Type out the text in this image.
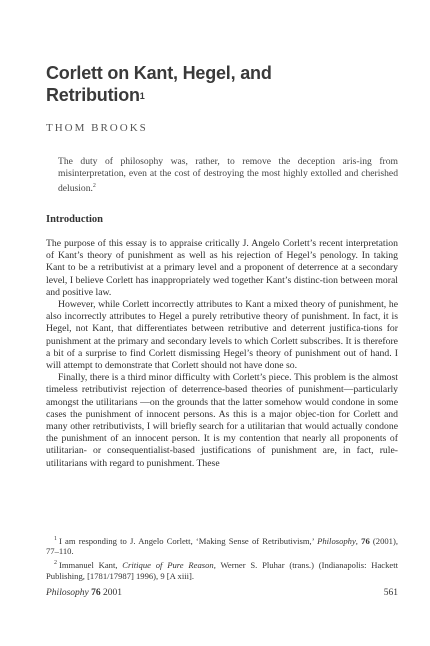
Corlett on Kant, Hegel, and Retribution$^1$
THOM BROOKS
The duty of philosophy was, rather, to remove the deception aris-ing from misinterpretation, even at the cost of destroying the most highly extolled and cherished delusion.$^2$
Introduction

The purpose of this essay is to appraise critically J. Angelo Corlett’s recent interpretation of Kant’s theory of punishment as well as his rejection of Hegel’s penology. In taking Kant to be a retributivist at a primary level and a proponent of deterrence at a secondary level, I believe Corlett has inappropriately wed together Kant’s distinc-tion between moral and positive law.

However, while Corlett incorrectly attributes to Kant a mixed theory of punishment, he also incorrectly attributes to Hegel a purely retributive theory of punishment. In fact, it is Hegel, not Kant, that differentiates between retributive and deterrent justifica-tions for punishment at the primary and secondary levels to which Corlett subscribes. It is therefore a bit of a surprise to find Corlett dismissing Hegel’s theory of punishment out of hand. I will attempt to demonstrate that Corlett should not have done so.

Finally, there is a third minor difficulty with Corlett’s piece. This problem is the almost timeless retributivist rejection of deterrence-based theories of punishment—particularly amongst the utilitarians —on the grounds that the latter somehow would condone in some cases the punishment of innocent persons. As this is a major objec-tion for Corlett and many other retributivists, I will briefly search for a utilitarian that would actually condone the punishment of an innocent person. It is my contention that nearly all proponents of utilitarian- or consequentialist-based justifications of punishment are, in fact, rule-utilitarians with regard to punishment. These

$^1$ I am responding to J. Angelo Corlett, ‘Making Sense of Retributivism,’ Philosophy, 76 (2001), 77–110.

$^2$ Immanuel Kant, Critique of Pure Reason, Werner S. Pluhar (trans.) (Indianapolis: Hackett Publishing, [1781/17987] 1996), 9 [A xiii].

Philosophy 76 2001	561
